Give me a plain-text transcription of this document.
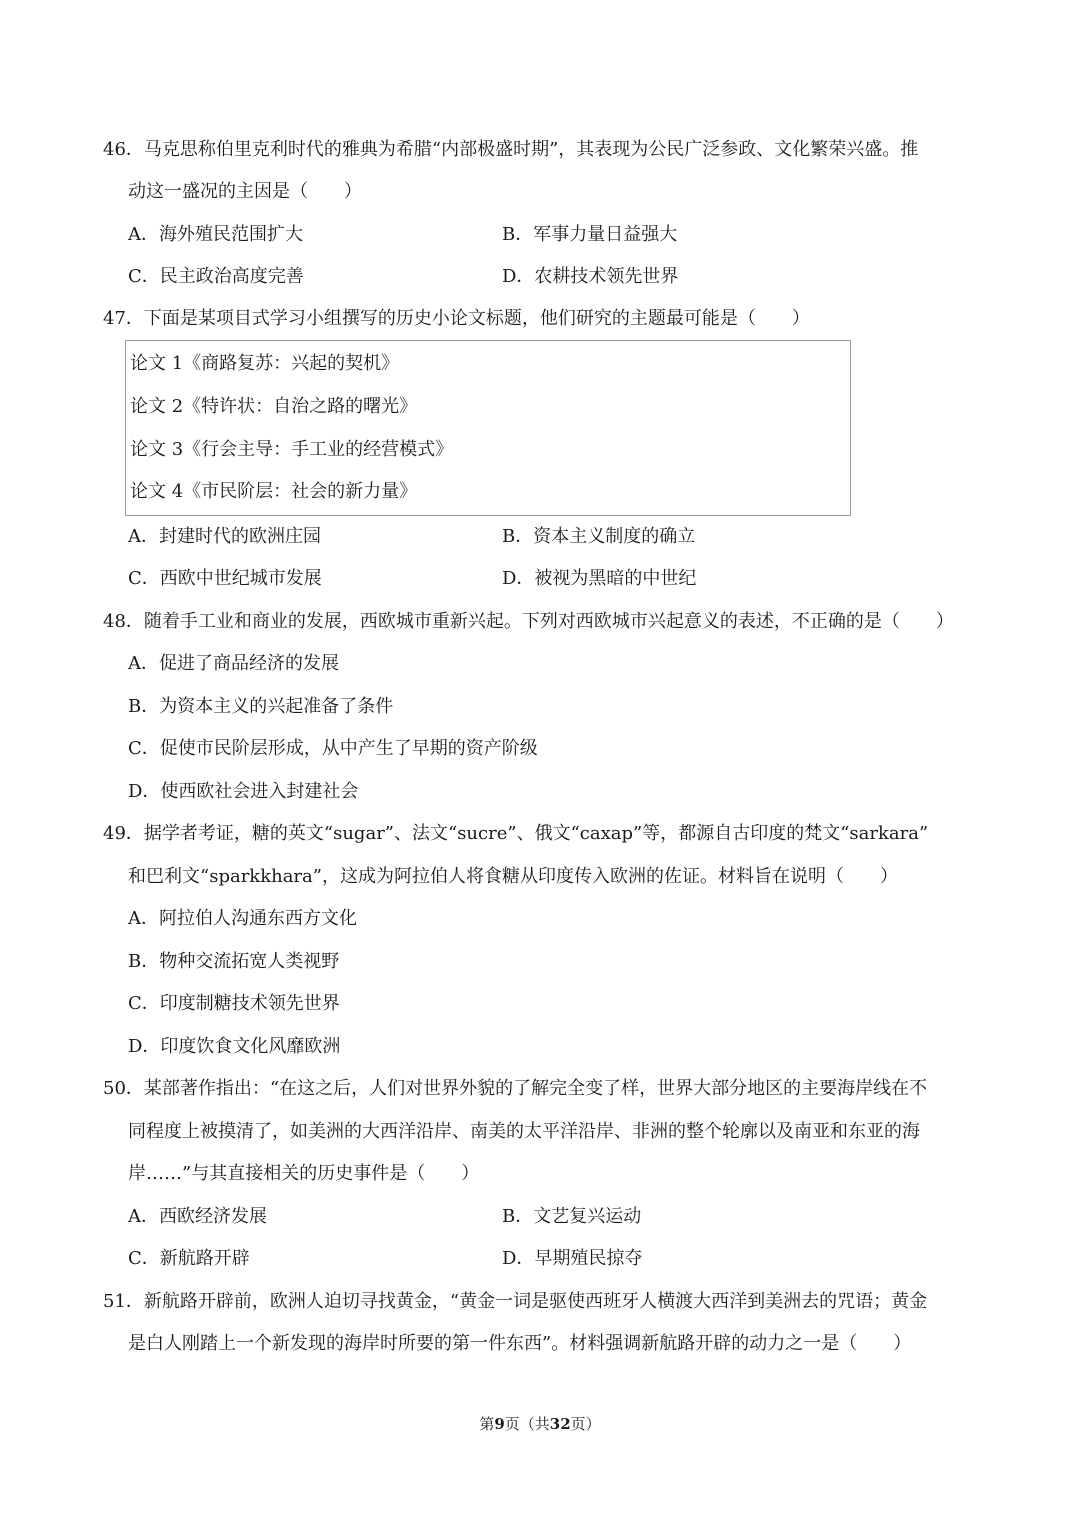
46．马克思称伯里克利时代的雅典为希腊“内部极盛时期”，其表现为公民广泛参政、文化繁荣兴盛。推
动这一盛况的主因是（　　）
A．海外殖民范围扩大	B．军事力量日益强大
C．民主政治高度完善	D．农耕技术领先世界
47．下面是某项目式学习小组撰写的历史小论文标题，他们研究的主题最可能是（　　）
论文 1《商路复苏：兴起的契机》
论文 2《特许状：自治之路的曙光》
论文 3《行会主导：手工业的经营模式》
论文 4《市民阶层：社会的新力量》
A．封建时代的欧洲庄园	B．资本主义制度的确立
C．西欧中世纪城市发展	D．被视为黑暗的中世纪
48．随着手工业和商业的发展，西欧城市重新兴起。下列对西欧城市兴起意义的表述，不正确的是（　　）
A．促进了商品经济的发展
B．为资本主义的兴起准备了条件
C．促使市民阶层形成，从中产生了早期的资产阶级
D．使西欧社会进入封建社会
49．据学者考证，糖的英文“sugar”、法文“sucre”、俄文“caxap”等，都源自古印度的梵文“sarkara”
和巴利文“sparkkhara”，这成为阿拉伯人将食糖从印度传入欧洲的佐证。材料旨在说明（　　）
A．阿拉伯人沟通东西方文化
B．物种交流拓宽人类视野
C．印度制糖技术领先世界
D．印度饮食文化风靡欧洲
50．某部著作指出：“在这之后，人们对世界外貌的了解完全变了样，世界大部分地区的主要海岸线在不
同程度上被摸清了，如美洲的大西洋沿岸、南美的太平洋沿岸、非洲的整个轮廓以及南亚和东亚的海
岸……”与其直接相关的历史事件是（　　）
A．西欧经济发展	B．文艺复兴运动
C．新航路开辟	D．早期殖民掠夺
51．新航路开辟前，欧洲人迫切寻找黄金，“黄金一词是驱使西班牙人横渡大西洋到美洲去的咒语；黄金
是白人刚踏上一个新发现的海岸时所要的第一件东西”。材料强调新航路开辟的动力之一是（　　）
第9页（共32页）
